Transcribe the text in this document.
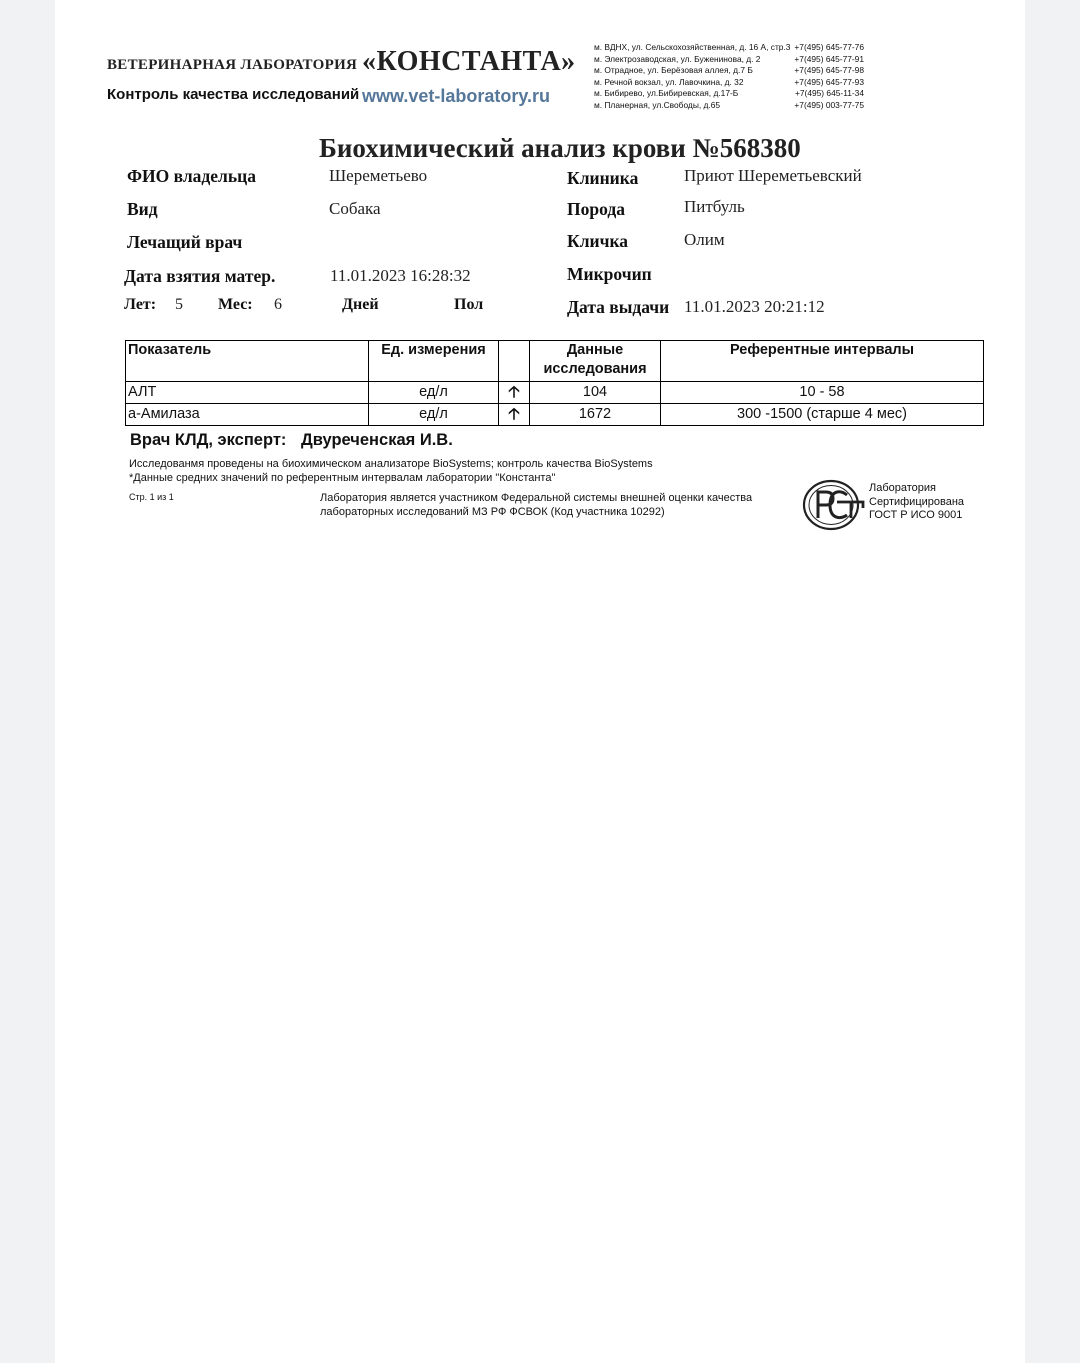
ВЕТЕРИНАРНАЯ ЛАБОРАТОРИЯ «КОНСТАНТА»
Контроль качества исследований www.vet-laboratory.ru
м. ВДНХ, ул. Сельскохозяйственная, д. 16 А, стр.3 +7(495) 645-77-76
м. Электрозаводская, ул. Буженинова, д. 2	+7(495) 645-77-91
м. Отрадное, ул. Берёзовая аллея, д.7 Б	+7(495) 645-77-98
м. Речной вокзал, ул. Лавочкина, д. 32	+7(495) 645-77-93
м. Бибирево, ул.Бибиревская, д.17-Б	+7(495) 645-11-34
м. Планерная, ул.Свободы, д.65	+7(495) 003-77-75
Биохимический анализ крови №568380
ФИО владельца	Шереметьево
Вид	Собака
Лечащий врач
Дата взятия матер.	11.01.2023 16:28:32
Лет: 5 Мес: 6	Дней	Пол
Клиника	Приют Шереметьевский
Порода	Питбуль
Кличка	Олим
Микрочип
Дата выдачи 11.01.2023 20:21:12
Показатель	Ед. измерения		Данные исследования	Референтные интервалы
АЛТ	ед/л	🡡	104	10 - 58
а-Амилаза	ед/л	🡡	1672	300 -1500 (старше 4 мес)
Врач КЛД, эксперт: Двуреченская И.В.
Исследованмя проведены на биохимическом анализаторе BioSystems; контроль качества BioSystems
*Данные средних значений по референтным интервалам лаборатории "Константа"
Стр. 1 из 1	Лаборатория является участником Федеральной системы внешней оценки качества
лабораторных исследований МЗ РФ ФСВОК (Код участника 10292)
Лаборатория
Сертифицирована
ГОСТ Р ИСО 9001
